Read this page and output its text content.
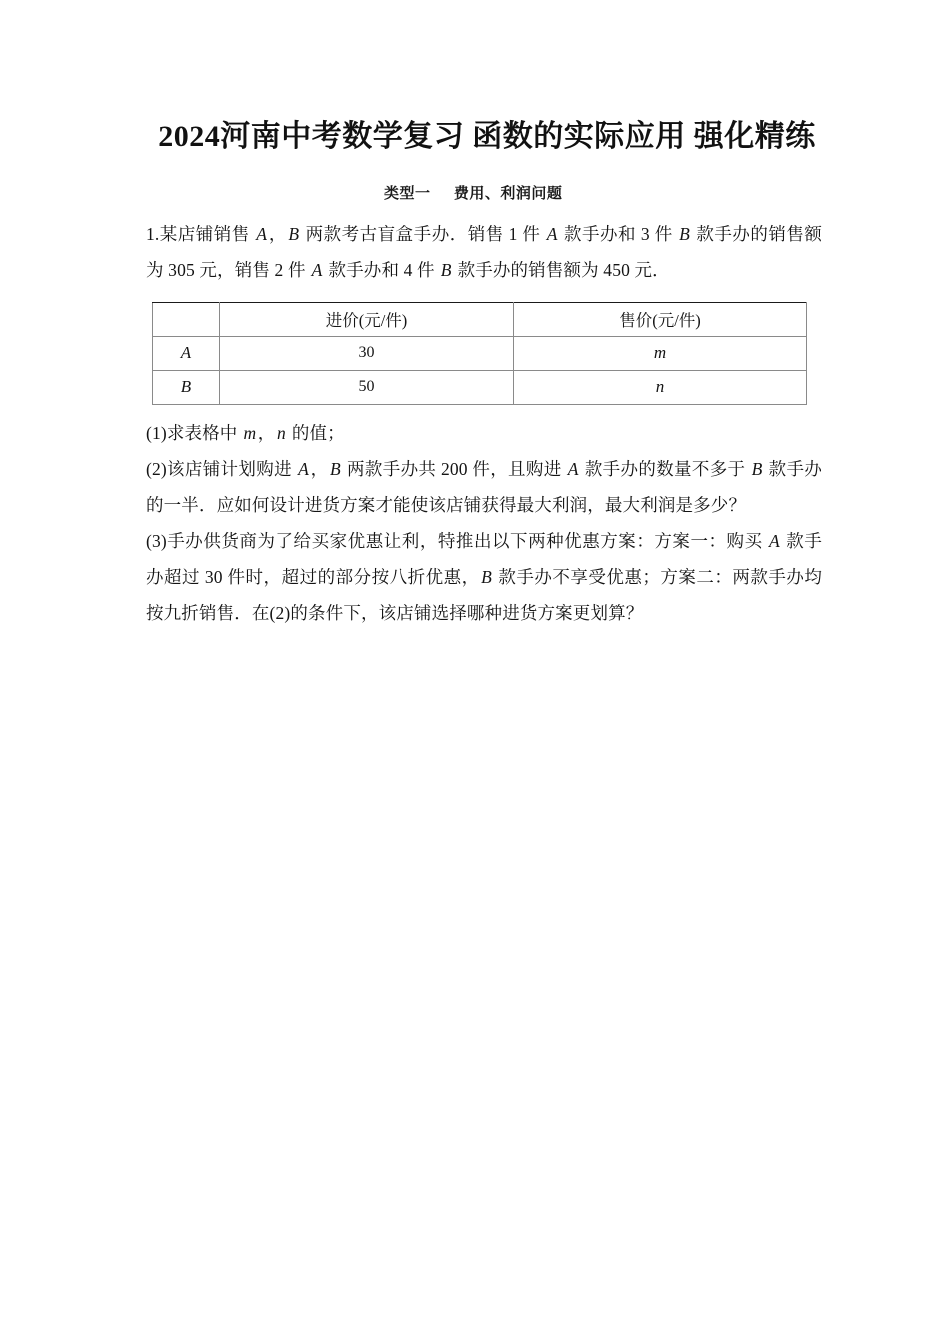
2024河南中考数学复习 函数的实际应用 强化精练
类型一 费用、利润问题

1.某店铺销售 A，B 两款考古盲盒手办．销售 1 件 A 款手办和 3 件 B 款手办的销售额为 305 元，销售 2 件 A 款手办和 4 件 B 款手办的销售额为 450 元．

	进价(元/件)	售价(元/件)
A	30	m
B	50	n

(1)求表格中 m，n 的值；

(2)该店铺计划购进 A，B 两款手办共 200 件，且购进 A 款手办的数量不多于 B 款手办的一半．应如何设计进货方案才能使该店铺获得最大利润，最大利润是多少？

(3)手办供货商为了给买家优惠让利，特推出以下两种优惠方案：方案一：购买 A 款手办超过 30 件时，超过的部分按八折优惠，B 款手办不享受优惠；方案二：两款手办均按九折销售．在(2)的条件下，该店铺选择哪种进货方案更划算？
